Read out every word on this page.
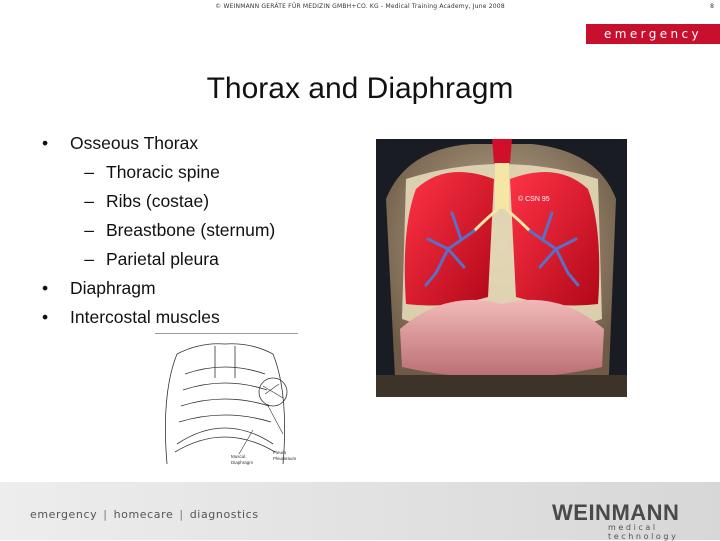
© WEINMANN GERÄTE FÜR MEDIZIN GMBH+CO. KG - Medical Training Academy, June 2008	8
emergency
Thorax and Diaphragm
•	Osseous Thorax
– Thoracic spine
– Ribs (costae)
– Breastbone (sternum)
– Parietal pleura
•	Diaphragm
•	Intercostal muscles
© CSN 95
Muscul.
Diaphragm
Pleura
Pleuraraum
emergency | homecare | diagnostics	WEINMANN
medical technology
